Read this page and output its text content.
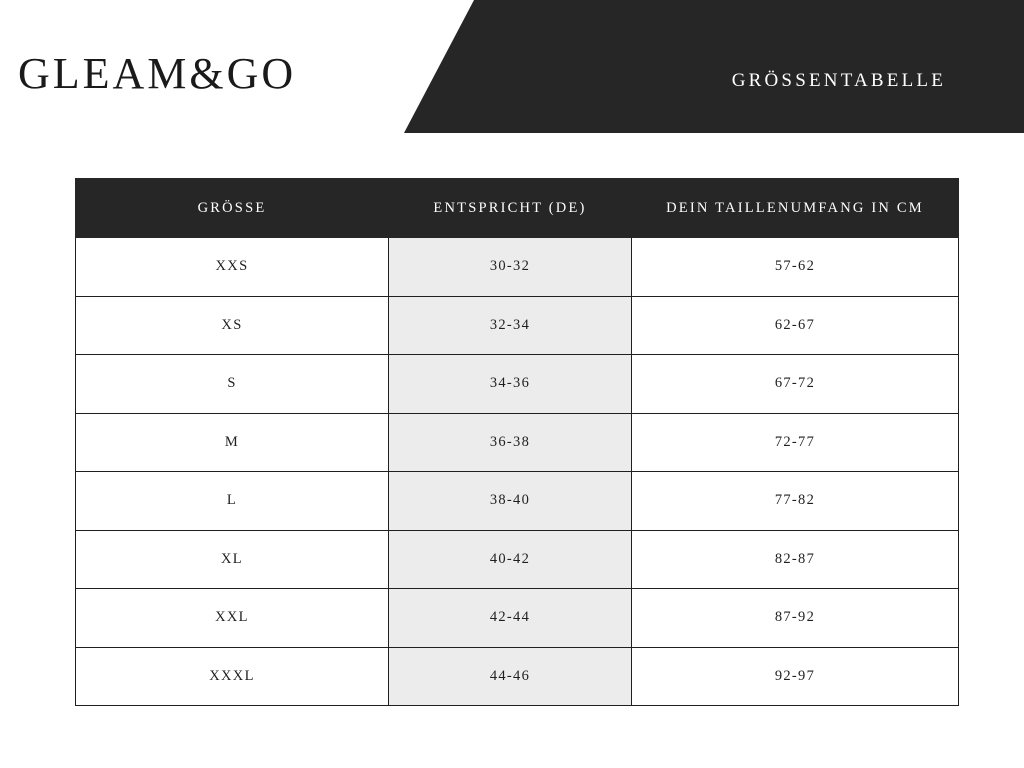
GLEAM&GO	GRÖSSENTABELLE
GRÖSSE	ENTSPRICHT (DE)	DEIN TAILLENUMFANG IN CM
XXS	30-32	57-62
XS	32-34	62-67
S	34-36	67-72
M	36-38	72-77
L	38-40	77-82
XL	40-42	82-87
XXL	42-44	87-92
XXXL	44-46	92-97
